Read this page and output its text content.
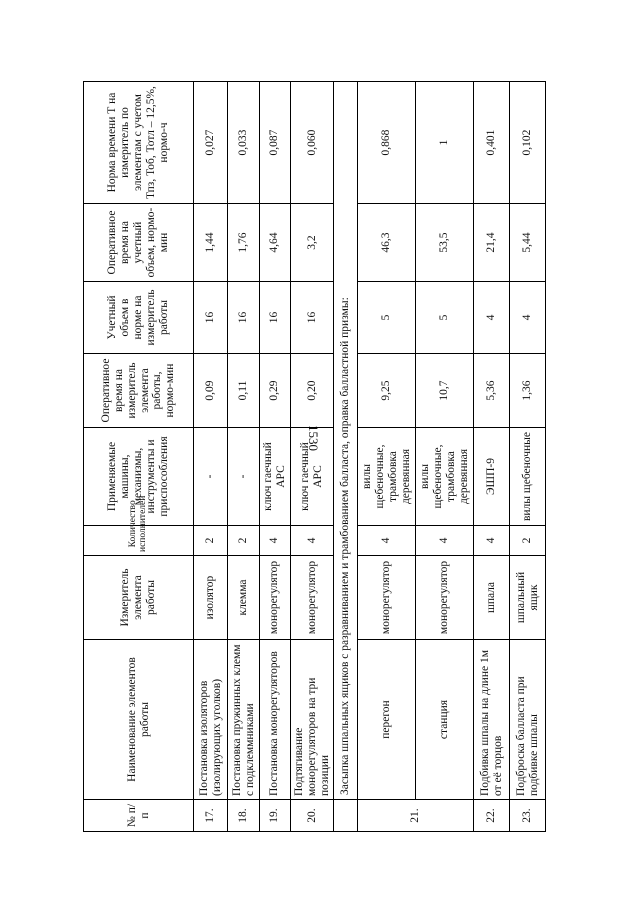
1530
№ п/п	Наименование элементов работы	Измеритель элемента работы	Количество исполнителей	Применяемые машины, механизмы, инструменты и приспособления	Оперативное время на измеритель элемента работы, нормо-мин	Учетный объем в норме на измеритель работы	Оперативное время на учетный объем, нормо-мин	Норма времени Т на измеритель по элементам с учетом Тпз, Тоб, Тотл – 12,5%, нормо-ч
17.	Постановка изоляторов (изолирующих уголков)	изолятор	2	-	0,09	16	1,44	0,027
18.	Постановка пружинных клемм с подклеммниками	клемма	2	-	0,11	16	1,76	0,033
19.	Постановка монорегуляторов	монорегулятор	4	ключ гаечный АРС	0,29	16	4,64	0,087
20.	Подтягивание монорегуляторов на три позиции	монорегулятор	4	ключ гаечный АРС	0,20	16	3,2	0,060
	Засыпка шпальных ящиков с разравниванием и трамбованием балласта, оправка балластной призмы:							
21.	перегон	монорегулятор	4	вилы щебеночные, трамбовка деревянная	9,25	5	46,3	0,868
	станция	монорегулятор	4	вилы щебеночные, трамбовка деревянная	10,7	5	53,5	1
22.	Подбивка шпалы на длине 1м от её торцов	шпала	4	ЭШП-9	5,36	4	21,4	0,401
23.	Подброска балласта при подбивке шпалы	шпальный ящик	2	вилы щебеночные	1,36	4	5,44	0,102
